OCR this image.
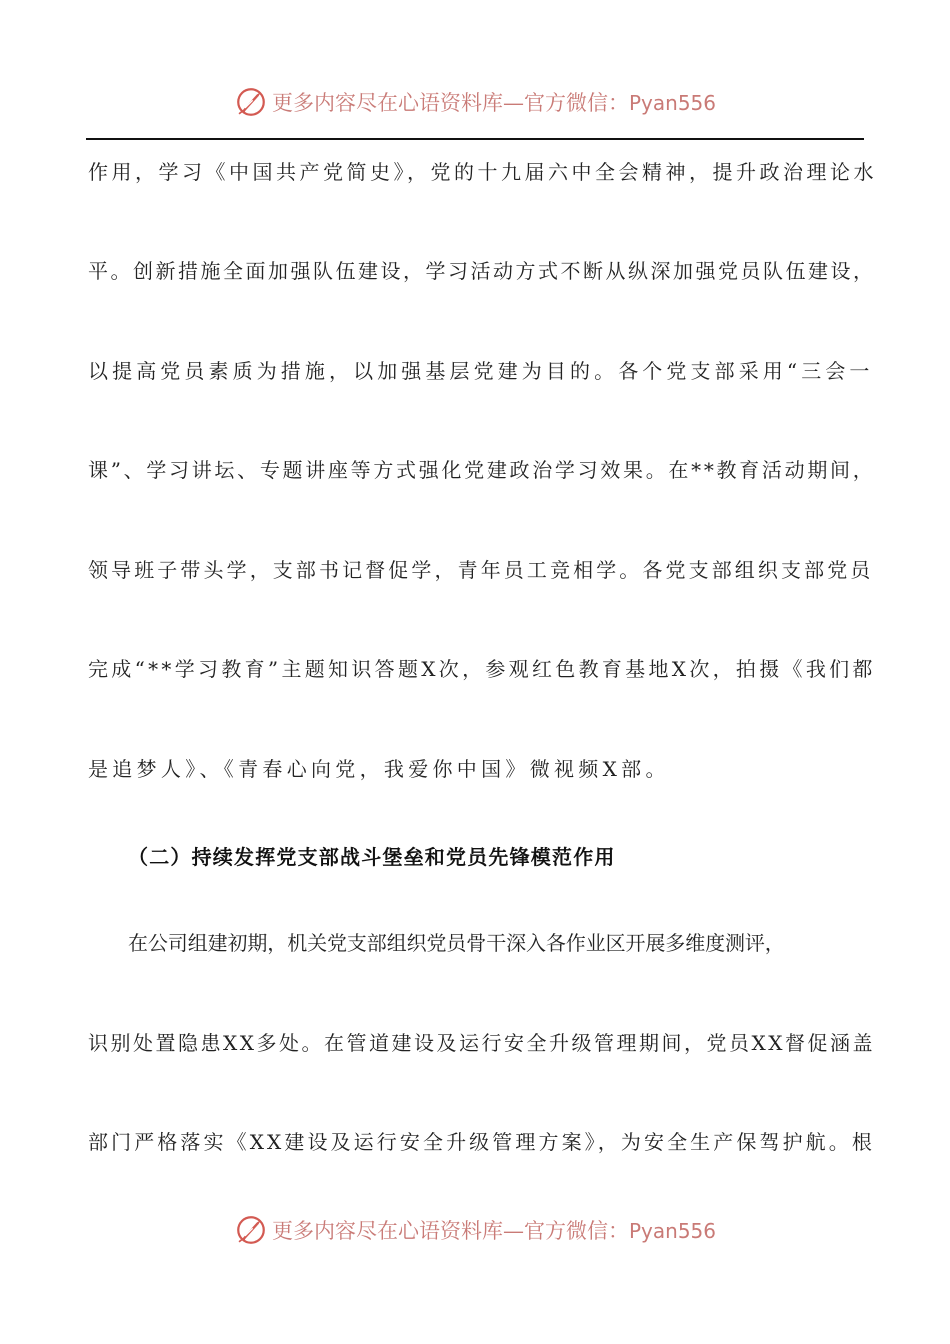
更多内容尽在心语资料库—官方微信：Pyan556
作用，学习《中国共产党简史》，党的十九届六中全会精神，提升政治理论水
平。创新措施全面加强队伍建设，学习活动方式不断从纵深加强党员队伍建设，
以提高党员素质为措施，以加强基层党建为目的。各个党支部采用“三会一
课”、学习讲坛、专题讲座等方式强化党建政治学习效果。在**教育活动期间，
领导班子带头学，支部书记督促学，青年员工竞相学。各党支部组织支部党员
完成“**学习教育”主题知识答题X次，参观红色教育基地X次，拍摄《我们都
是追梦人》、《青春心向党，我爱你中国》微视频X部。
（二）持续发挥党支部战斗堡垒和党员先锋模范作用
在公司组建初期，机关党支部组织党员骨干深入各作业区开展多维度测评，
识别处置隐患XX多处。在管道建设及运行安全升级管理期间，党员XX督促涵盖
部门严格落实《XX建设及运行安全升级管理方案》，为安全生产保驾护航。根
更多内容尽在心语资料库—官方微信：Pyan556
